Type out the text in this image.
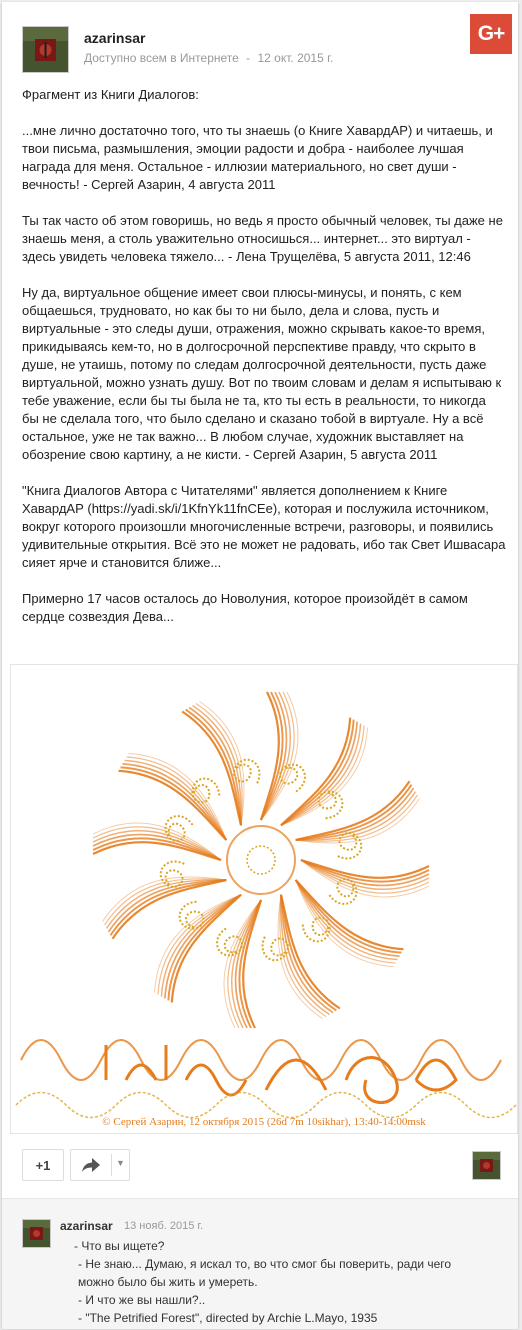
azarinsar
Доступно всем в Интернете - 12 окт. 2015 г.
G+

Фрагмент из Книги Диалогов:

...мне лично достаточно того, что ты знаешь (о Книге ХавардАР) и читаешь, и твои письма, размышления, эмоции радости и добра - наиболее лучшая награда для меня. Остальное - иллюзии материального, но свет души - вечность! - Сергей Азарин, 4 августа 2011

Ты так часто об этом говоришь, но ведь я просто обычный человек, ты даже не знаешь меня, а столь уважительно относишься... интернет... это виртуал - здесь увидеть человека тяжело... - Лена Трущелёва, 5 августа 2011, 12:46

Ну да, виртуальное общение имеет свои плюсы-минусы, и понять, с кем общаешься, трудновато, но как бы то ни было, дела и слова, пусть и виртуальные - это следы души, отражения, можно скрывать какое-то время, прикидываясь кем-то, но в долгосрочной перспективе правду, что скрыто в душе, не утаишь, потому по следам долгосрочной деятельности, пусть даже виртуальной, можно узнать душу. Вот по твоим словам и делам я испытываю к тебе уважение, если бы ты была не та, кто ты есть в реальности, то никогда бы не сделала того, что было сделано и сказано тобой в виртуале. Ну а всё остальное, уже не так важно... В любом случае, художник выставляет на обозрение свою картину, а не кисти. - Сергей Азарин, 5 августа 2011

"Книга Диалогов Автора с Читателями" является дополнением к Книге ХавардАР (https://yadi.sk/i/1KfnYk11fnCEe), которая и послужила источником, вокруг которого произошли многочисленные встречи, разговоры, и появились удивительные открытия. Всё это не может не радовать, ибо так Свет Ишвасара сияет ярче и становится ближе...

Примерно 17 часов осталось до Новолуния, которое произойдёт в самом сердце созвездия Дева...

© Сергей Азарин, 12 октября 2015 (26d 7m 10sikhar), 13:40-14:00msk
+1	▼
azarinsar 13 нояб. 2015 г.
- Что вы ищете?
- Не знаю... Думаю, я искал то, во что смог бы поверить, ради чего
можно было бы жить и умереть.
- И что же вы нашли?..
- "The Petrified Forest", directed by Archie L.Mayo, 1935
